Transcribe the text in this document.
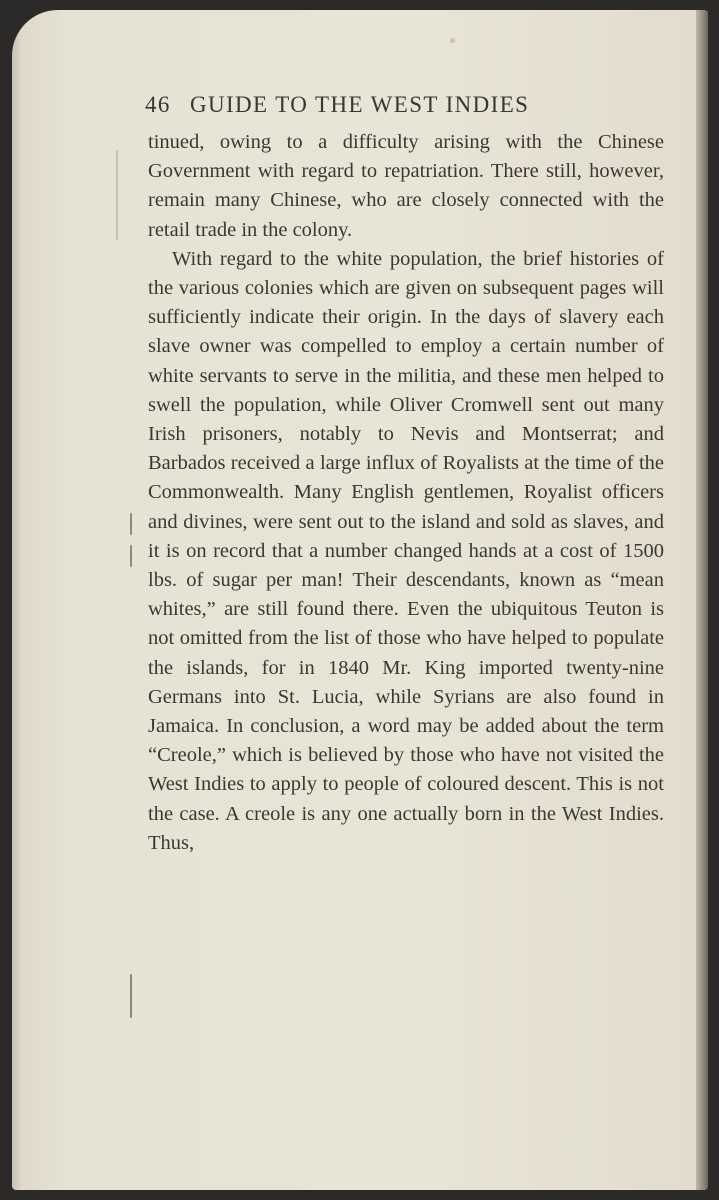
46 GUIDE TO THE WEST INDIES

tinued, owing to a difficulty arising with the Chinese Government with regard to repatriation. There still, however, remain many Chinese, who are closely connected with the retail trade in the colony.

With regard to the white population, the brief histories of the various colonies which are given on subsequent pages will sufficiently indicate their origin. In the days of slavery each slave owner was compelled to employ a certain number of white servants to serve in the militia, and these men helped to swell the population, while Oliver Cromwell sent out many Irish prisoners, notably to Nevis and Montserrat; and Barbados received a large influx of Royalists at the time of the Commonwealth. Many English gentlemen, Royalist officers and divines, were sent out to the island and sold as slaves, and it is on record that a number changed hands at a cost of 1500 lbs. of sugar per man! Their descendants, known as “mean whites,” are still found there. Even the ubiquitous Teuton is not omitted from the list of those who have helped to populate the islands, for in 1840 Mr. King imported twenty-nine Germans into St. Lucia, while Syrians are also found in Jamaica. In conclusion, a word may be added about the term “Creole,” which is believed by those who have not visited the West Indies to apply to people of coloured descent. This is not the case. A creole is any one actually born in the West Indies. Thus,
